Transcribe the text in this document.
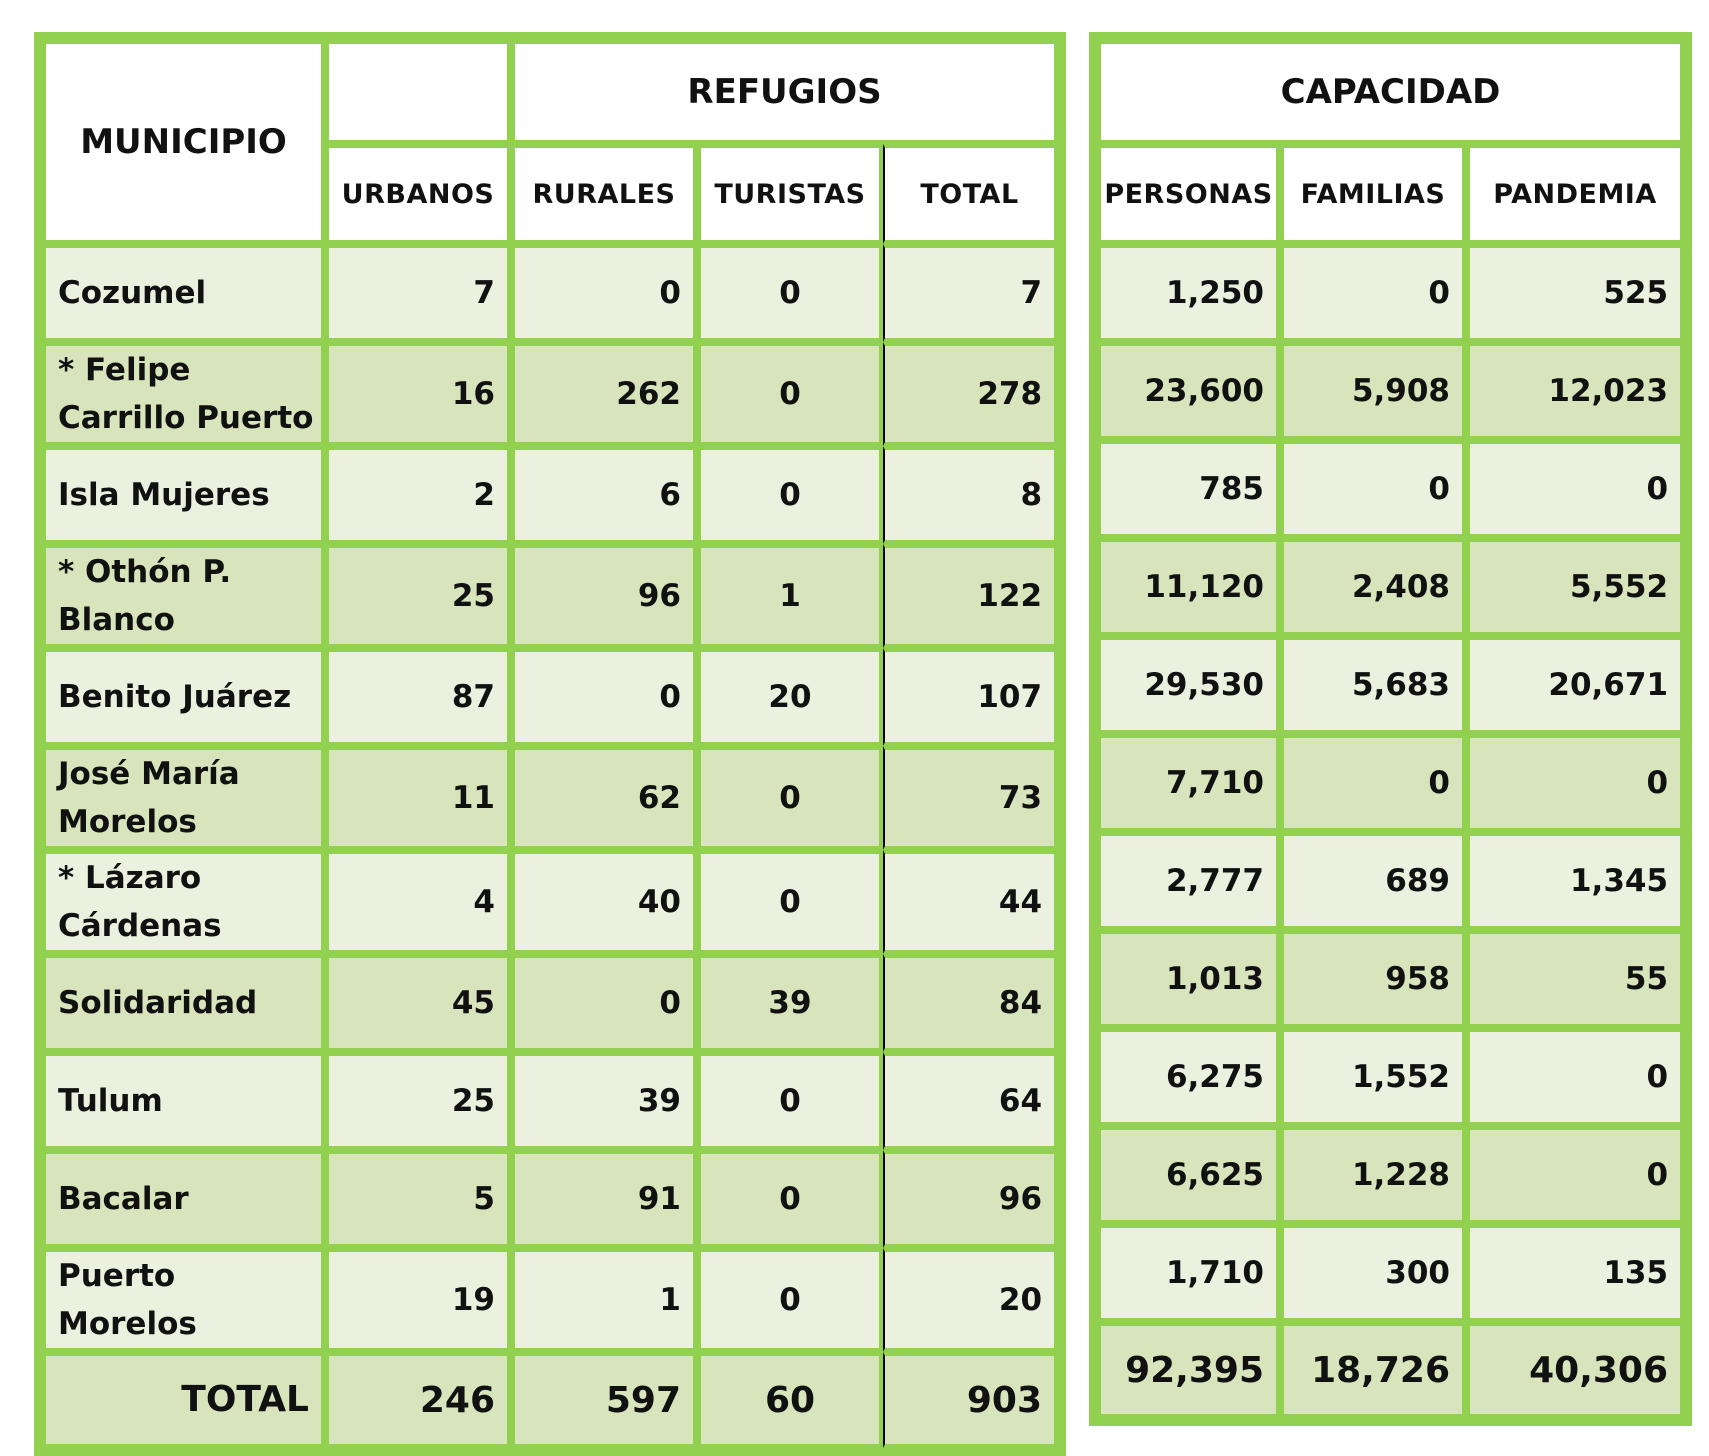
MUNICIPIO		REFUGIOS		
	URBANOS	RURALES	TURISTAS	TOTAL
Cozumel	7	0	0	7
* Felipe Carrillo Puerto	16	262	0	278
Isla Mujeres	2	6	0	8
* Othón P. Blanco	25	96	1	122
Benito Juárez	87	0	20	107
José María Morelos	11	62	0	73
* Lázaro Cárdenas	4	40	0	44
Solidaridad	45	0	39	84
Tulum	25	39	0	64
Bacalar	5	91	0	96
Puerto Morelos	19	1	0	20
TOTAL	246	597	60	903
CAPACIDAD		
PERSONAS	FAMILIAS	PANDEMIA
1,250	0	525
23,600	5,908	12,023
785	0	0
11,120	2,408	5,552
29,530	5,683	20,671
7,710	0	0
2,777	689	1,345
1,013	958	55
6,275	1,552	0
6,625	1,228	0
1,710	300	135
92,395	18,726	40,306
